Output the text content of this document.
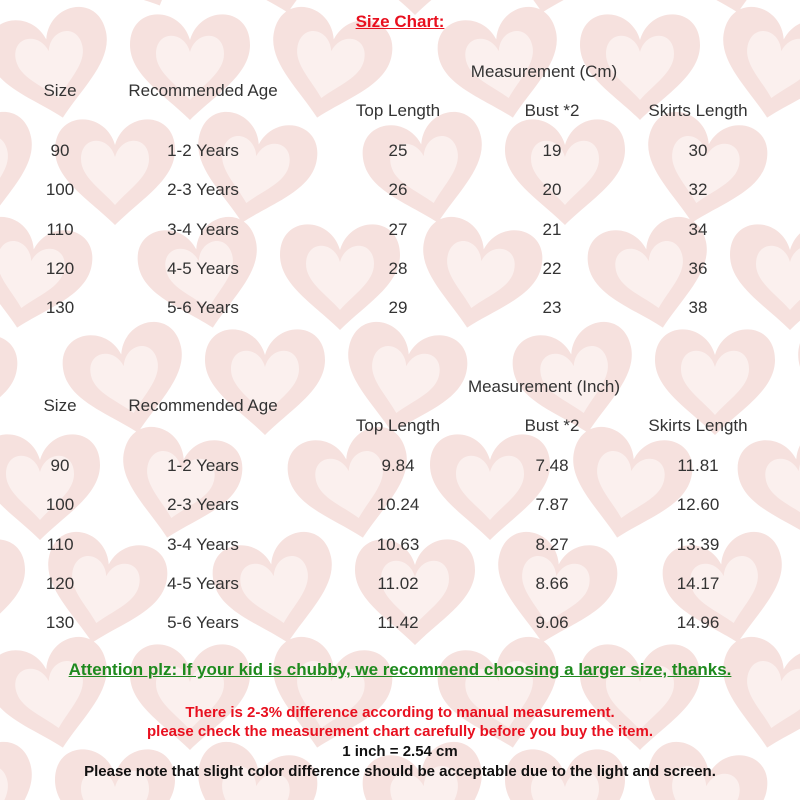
Size Chart:
Measurement (Cm)
Size	Recommended Age
Top Length	Bust *2	Skirts Length
90	1-2 Years	25	19	30
100	2-3 Years	26	20	32
110	3-4 Years	27	21	34
120	4-5 Years	28	22	36
130	5-6 Years	29	23	38
Measurement (Inch)
Size	Recommended Age
Top Length	Bust *2	Skirts Length
90	1-2 Years	9.84	7.48	11.81
100	2-3 Years	10.24	7.87	12.60
110	3-4 Years	10.63	8.27	13.39
120	4-5 Years	11.02	8.66	14.17
130	5-6 Years	11.42	9.06	14.96
Attention plz: If your kid is chubby, we recommend choosing a larger size, thanks.
There is 2-3% difference according to manual measurement.
please check the measurement chart carefully before you buy the item.
1 inch = 2.54 cm
Please note that slight color difference should be acceptable due to the light and screen.
